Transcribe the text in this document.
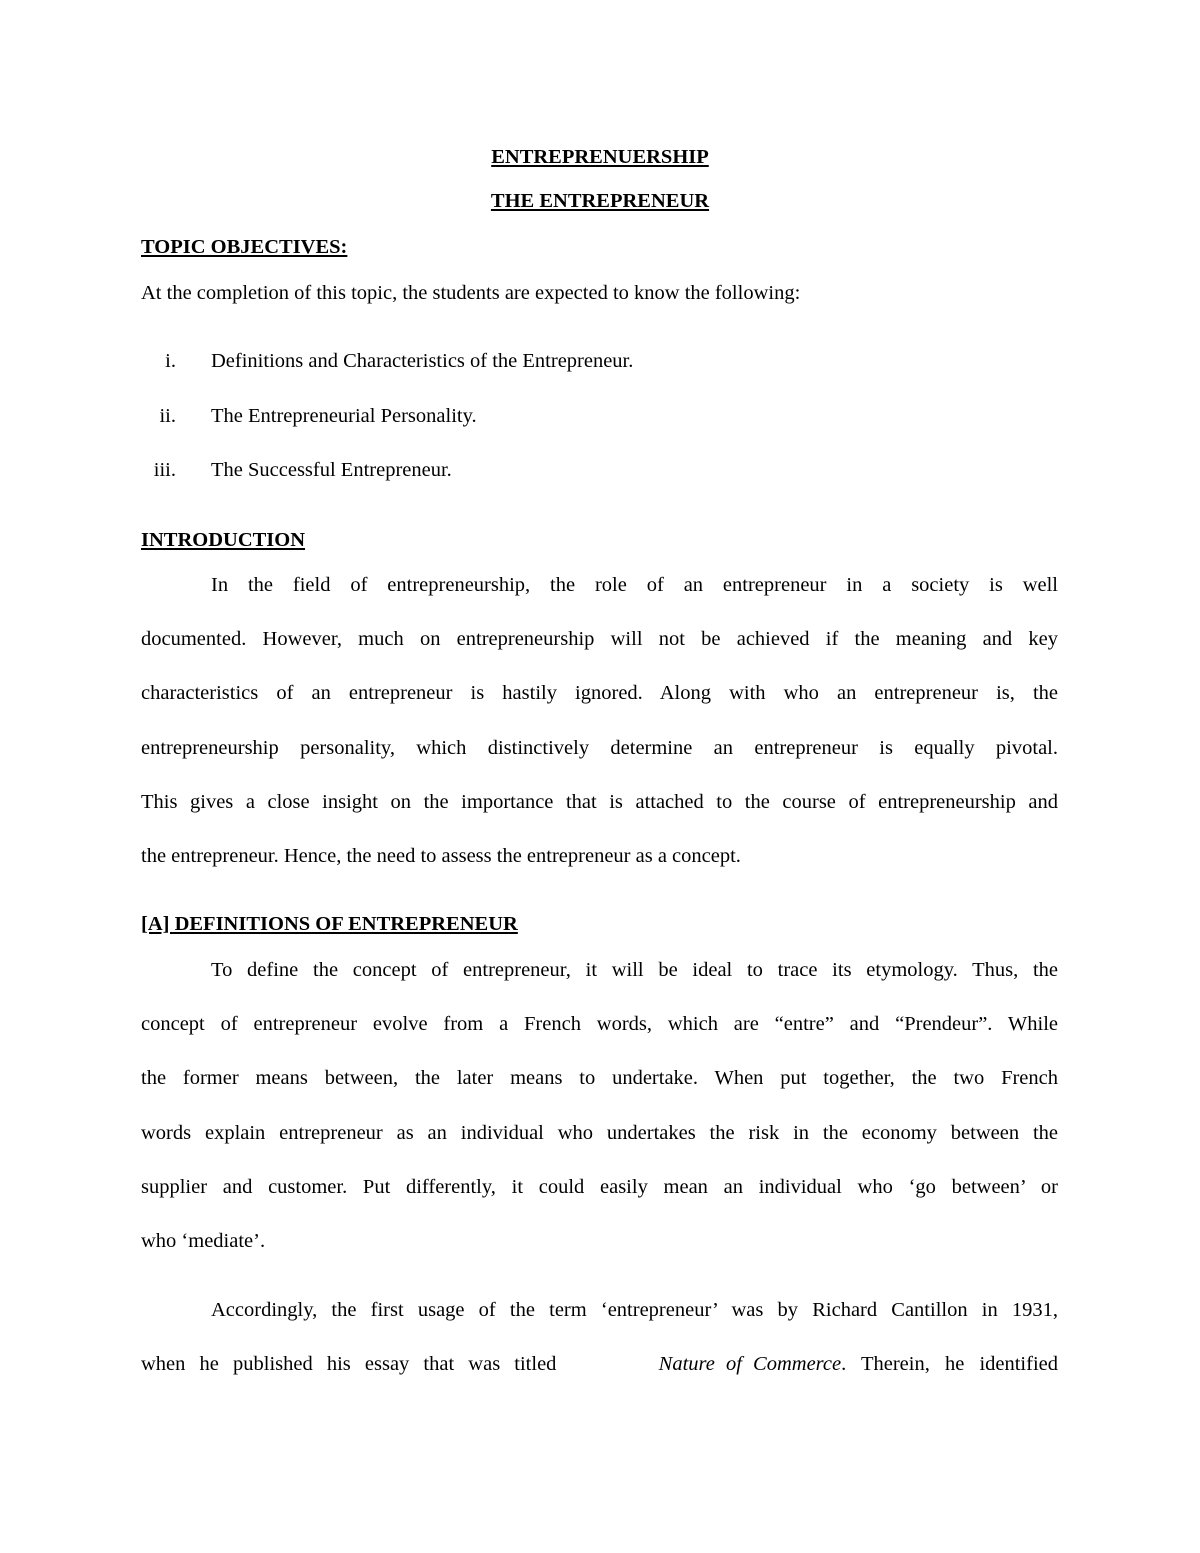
ENTREPRENUERSHIP
THE ENTREPRENEUR
TOPIC OBJECTIVES:
At the completion of this topic, the students are expected to know the following:
i. Definitions and Characteristics of the Entrepreneur.
ii. The Entrepreneurial Personality.
iii. The Successful Entrepreneur.
INTRODUCTION
In the field of entrepreneurship, the role of an entrepreneur in a society is well
documented. However, much on entrepreneurship will not be achieved if the meaning and key
characteristics of an entrepreneur is hastily ignored. Along with who an entrepreneur is, the
entrepreneurship personality, which distinctively determine an entrepreneur is equally pivotal.
This gives a close insight on the importance that is attached to the course of entrepreneurship and
the entrepreneur. Hence, the need to assess the entrepreneur as a concept.
[A] DEFINITIONS OF ENTREPRENEUR
To define the concept of entrepreneur, it will be ideal to trace its etymology. Thus, the
concept of entrepreneur evolve from a French words, which are “entre” and “Prendeur”. While
the former means between, the later means to undertake. When put together, the two French
words explain entrepreneur as an individual who undertakes the risk in the economy between the
supplier and customer. Put differently, it could easily mean an individual who ‘go between’ or
who ‘mediate’.
Accordingly, the first usage of the term ‘entrepreneur’ was by Richard Cantillon in 1931,
when he published his essay that was titled	Nature of Commerce. Therein, he identified
